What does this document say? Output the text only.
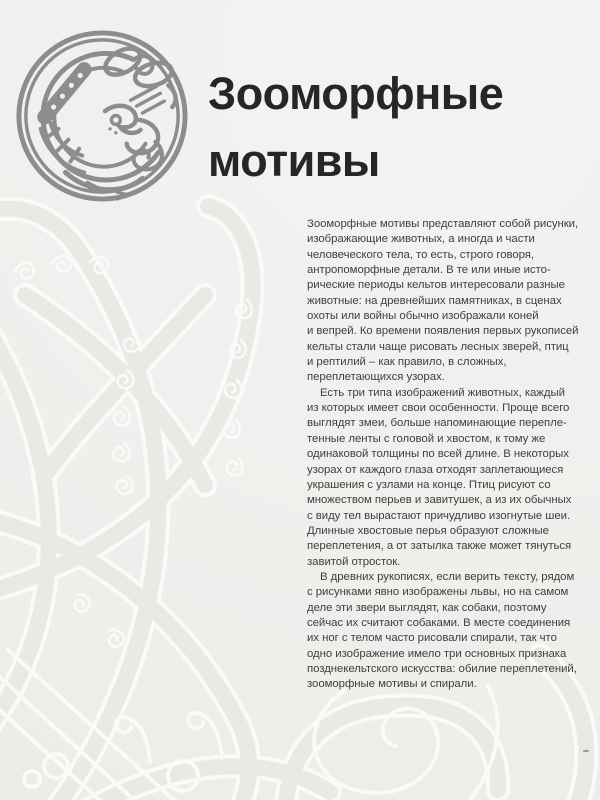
Зооморфные
мотивы
Зооморфные мотивы представляют собой рисунки,
изображающие животных, а иногда и части
человеческого тела, то есть, строго говоря,
антропоморфные детали. В те или иные исто-
рические периоды кельтов интересовали разные
животные: на древнейших памятниках, в сценах
охоты или войны обычно изображали коней
и вепрей. Ко времени появления первых рукописей
кельты стали чаще рисовать лесных зверей, птиц
и рептилий – как правило, в сложных,
переплетающихся узорах.
Есть три типа изображений животных, каждый
из которых имеет свои особенности. Проще всего
выглядят змеи, больше напоминающие перепле-
тенные ленты с головой и хвостом, к тому же
одинаковой толщины по всей длине. В некоторых
узорах от каждого глаза отходят заплетающиеся
украшения с узлами на конце. Птиц рисуют со
множеством перьев и завитушек, а из их обычных
с виду тел вырастают причудливо изогнутые шеи.
Длинные хвостовые перья образуют сложные
переплетения, а от затылка также может тянуться
завитой отросток.
В древних рукописях, если верить тексту, рядом
с рисунками явно изображены львы, но на самом
деле эти звери выглядят, как собаки, поэтому
сейчас их считают собаками. В месте соединения
их ног с телом часто рисовали спирали, так что
одно изображение имело три основных признака
позднекельтского искусства: обилие переплетений,
зооморфные мотивы и спирали.
